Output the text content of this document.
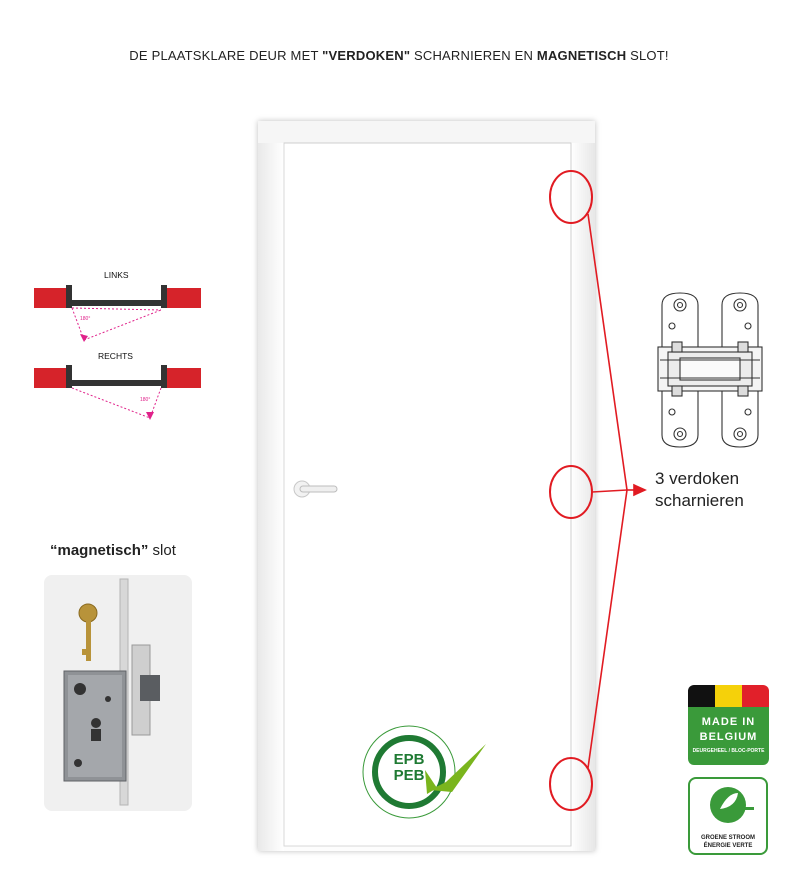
DE PLAATSKLARE DEUR MET "VERDOKEN" SCHARNIEREN EN MAGNETISCH SLOT!
LINKS
RECHTS
180°
180°
3 verdoken
scharnieren
EPB
PEB
“magnetisch” slot
MADE IN
BELGIUM
DEURGEHEEL / BLOC-PORTE
GROENE STROOM
ÉNERGIE VERTE
